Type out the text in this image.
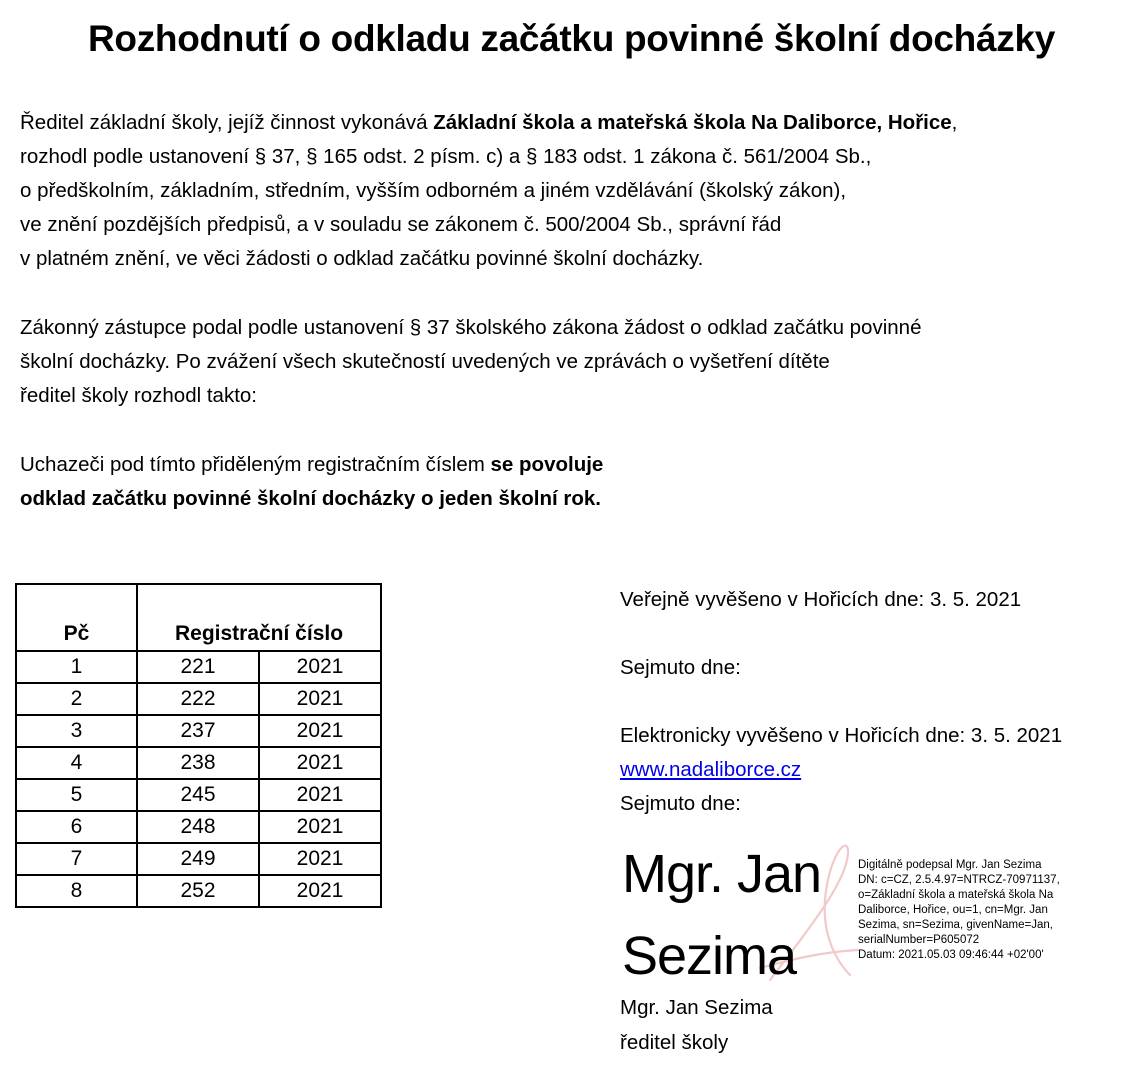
Rozhodnutí o odkladu začátku povinné školní docházky
Ředitel základní školy, jejíž činnost vykonává Základní škola a mateřská škola Na Daliborce, Hořice,
rozhodl podle ustanovení § 37, § 165 odst. 2 písm. c) a § 183 odst. 1 zákona č. 561/2004 Sb.,
o předškolním, základním, středním, vyšším odborném a jiném vzdělávání (školský zákon),
ve znění pozdějších předpisů, a v souladu se zákonem č. 500/2004 Sb., správní řád
v platném znění, ve věci žádosti o odklad začátku povinné školní docházky.
Zákonný zástupce podal podle ustanovení § 37 školského zákona žádost o odklad začátku povinné
školní docházky. Po zvážení všech skutečností uvedených ve zprávách o vyšetření dítěte
ředitel školy rozhodl takto:
Uchazeči pod tímto přiděleným registračním číslem se povoluje
odklad začátku povinné školní docházky o jeden školní rok.
Pč	Registrační číslo	
1	221	2021
2	222	2021
3	237	2021
4	238	2021
5	245	2021
6	248	2021
7	249	2021
8	252	2021
Veřejně vyvěšeno v Hořicích dne: 3. 5. 2021
Sejmuto dne:
Elektronicky vyvěšeno v Hořicích dne: 3. 5. 2021
www.nadaliborce.cz
Sejmuto dne:
Mgr. Jan
Sezima
Digitálně podepsal Mgr. Jan Sezima
DN: c=CZ, 2.5.4.97=NTRCZ-70971137,
o=Základní škola a mateřská škola Na
Daliborce, Hořice, ou=1, cn=Mgr. Jan
Sezima, sn=Sezima, givenName=Jan,
serialNumber=P605072
Datum: 2021.05.03 09:46:44 +02'00'
Mgr. Jan Sezima
ředitel školy
